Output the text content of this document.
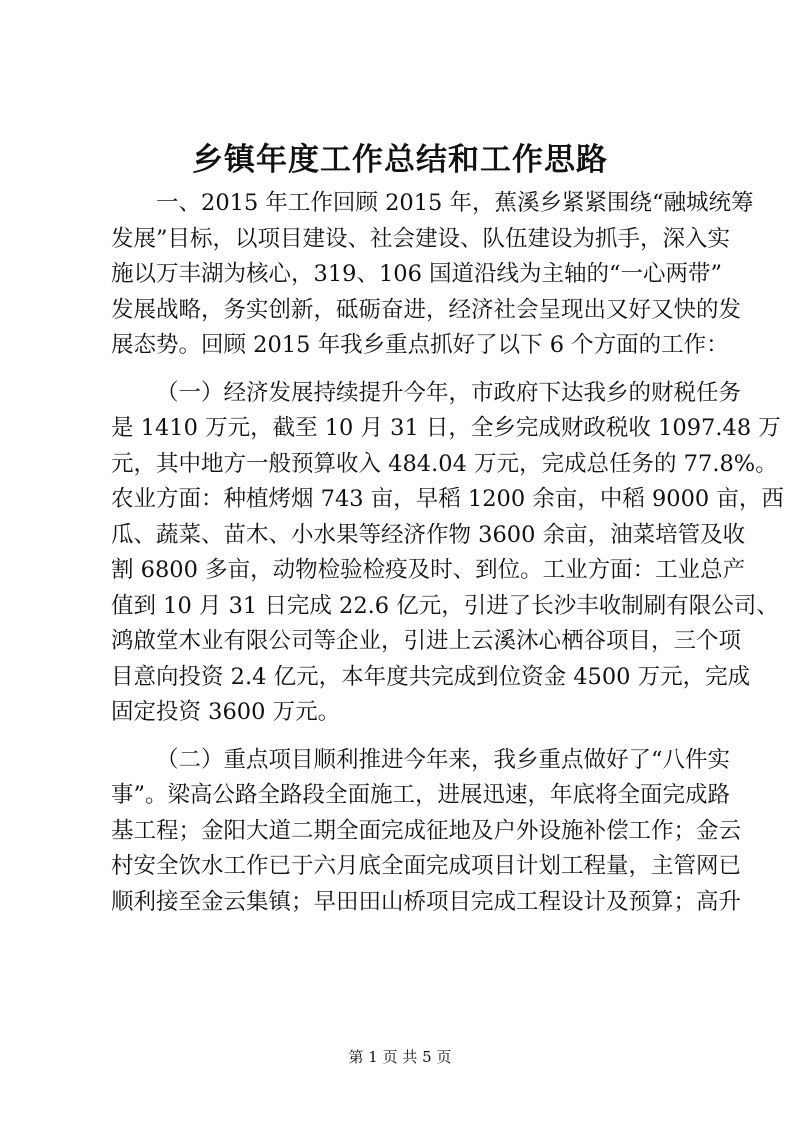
乡镇年度工作总结和工作思路
一、2015 年工作回顾 2015 年，蕉溪乡紧紧围绕“融城统筹
发展”目标，以项目建设、社会建设、队伍建设为抓手，深入实
施以万丰湖为核心，319、106 国道沿线为主轴的“一心两带”
发展战略，务实创新，砥砺奋进，经济社会呈现出又好又快的发
展态势。回顾 2015 年我乡重点抓好了以下 6 个方面的工作：
（一）经济发展持续提升今年，市政府下达我乡的财税任务
是 1410 万元，截至 10 月 31 日，全乡完成财政税收 1097.48 万
元，其中地方一般预算收入 484.04 万元，完成总任务的 77.8%。
农业方面：种植烤烟 743 亩，早稻 1200 余亩，中稻 9000 亩，西
瓜、蔬菜、苗木、小水果等经济作物 3600 余亩，油菜培管及收
割 6800 多亩，动物检验检疫及时、到位。工业方面：工业总产
值到 10 月 31 日完成 22.6 亿元，引进了长沙丰收制刷有限公司、
鸿啟堂木业有限公司等企业，引进上云溪沐心栖谷项目，三个项
目意向投资 2.4 亿元，本年度共完成到位资金 4500 万元，完成
固定投资 3600 万元。
（二）重点项目顺利推进今年来，我乡重点做好了“八件实
事”。梁高公路全路段全面施工，进展迅速，年底将全面完成路
基工程；金阳大道二期全面完成征地及户外设施补偿工作；金云
村安全饮水工作已于六月底全面完成项目计划工程量，主管网已
顺利接至金云集镇；早田田山桥项目完成工程设计及预算；高升
第 1 页 共 5 页
